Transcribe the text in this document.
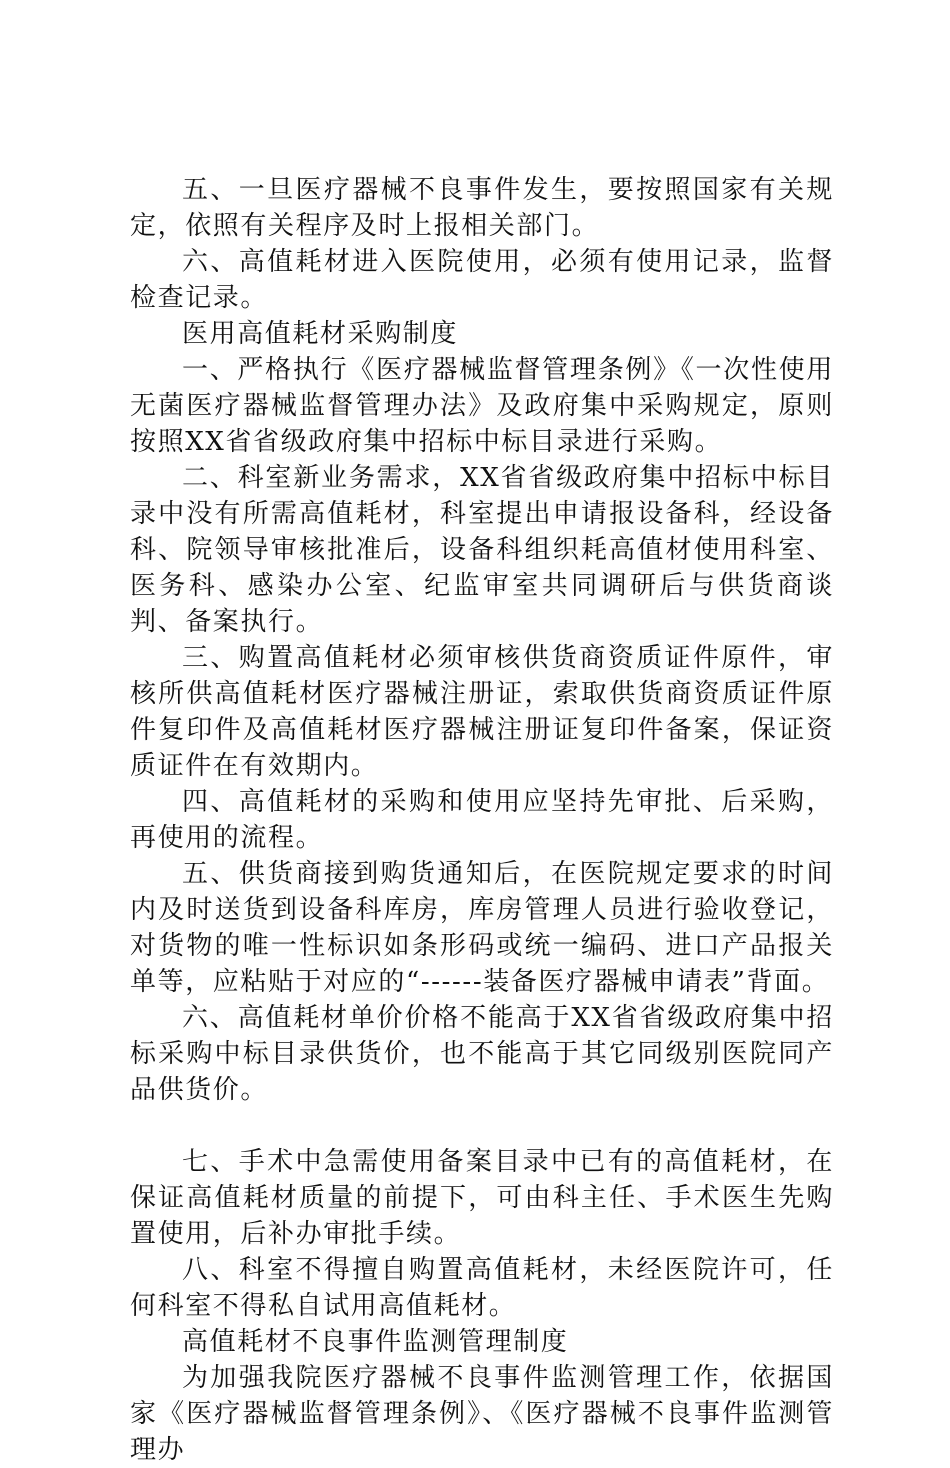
五、一旦医疗器械不良事件发生，要按照国家有关规定，依照有关程序及时上报相关部门。

六、高值耗材进入医院使用，必须有使用记录，监督检查记录。

医用高值耗材采购制度

一、严格执行《医疗器械监督管理条例》《一次性使用无菌医疗器械监督管理办法》及政府集中采购规定，原则按照XX省省级政府集中招标中标目录进行采购。

二、科室新业务需求，XX省省级政府集中招标中标目录中没有所需高值耗材，科室提出申请报设备科，经设备科、院领导审核批准后，设备科组织耗高值材使用科室、医务科、感染办公室、纪监审室共同调研后与供货商谈判、备案执行。

三、购置高值耗材必须审核供货商资质证件原件，审核所供高值耗材医疗器械注册证，索取供货商资质证件原件复印件及高值耗材医疗器械注册证复印件备案，保证资质证件在有效期内。

四、高值耗材的采购和使用应坚持先审批、后采购，再使用的流程。

五、供货商接到购货通知后，在医院规定要求的时间内及时送货到设备科库房，库房管理人员进行验收登记，对货物的唯一性标识如条形码或统一编码、进口产品报关单等，应粘贴于对应的“------装备医疗器械申请表”背面。

六、高值耗材单价价格不能高于XX省省级政府集中招标采购中标目录供货价，也不能高于其它同级别医院同产品供货价。

七、手术中急需使用备案目录中已有的高值耗材，在保证高值耗材质量的前提下，可由科主任、手术医生先购置使用，后补办审批手续。

八、科室不得擅自购置高值耗材，未经医院许可，任何科室不得私自试用高值耗材。

高值耗材不良事件监测管理制度

为加强我院医疗器械不良事件监测管理工作，依据国家《医疗器械监督管理条例》、《医疗器械不良事件监测管理办
